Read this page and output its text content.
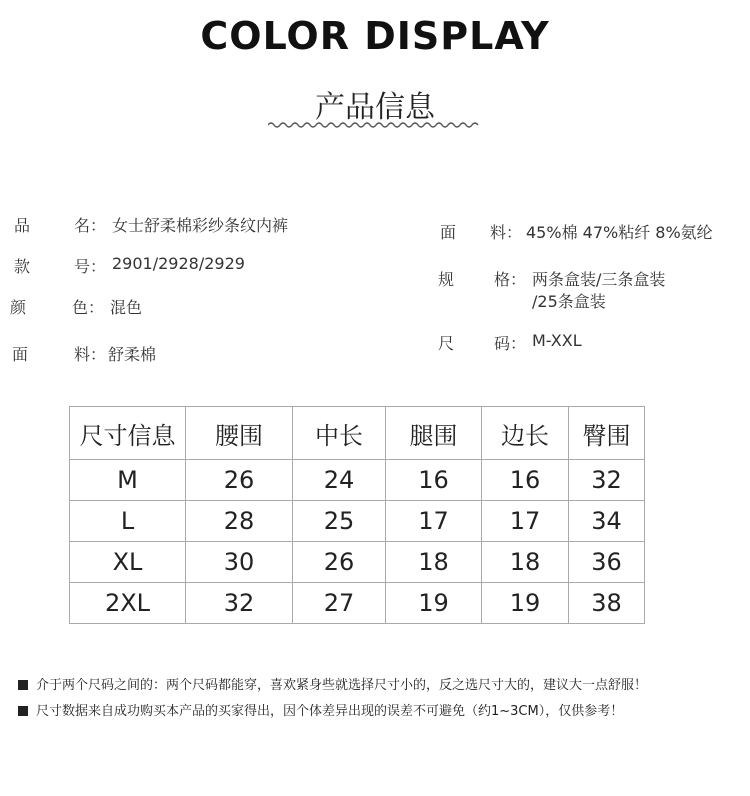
COLOR DISPLAY
产品信息
品	名： 女士舒柔棉彩纱条纹内裤
款	号： 2901/2928/2929
颜	色： 混色
面	料： 舒柔棉
面 料： 45%棉 47%粘纤 8%氨纶
规 格： 两条盒装/三条盒装
/25条盒装
尺 码： M-XXL
尺寸信息	腰围	中长	腿围	边长	臀围
M	26	24	16	16	32
L	28	25	17	17	34
XL	30	26	18	18	36
2XL	32	27	19	19	38
介于两个尺码之间的：两个尺码都能穿，喜欢紧身些就选择尺寸小的，反之选尺寸大的，建议大一点舒服！
尺寸数据来自成功购买本产品的买家得出，因个体差异出现的误差不可避免（约1~3CM），仅供参考！
